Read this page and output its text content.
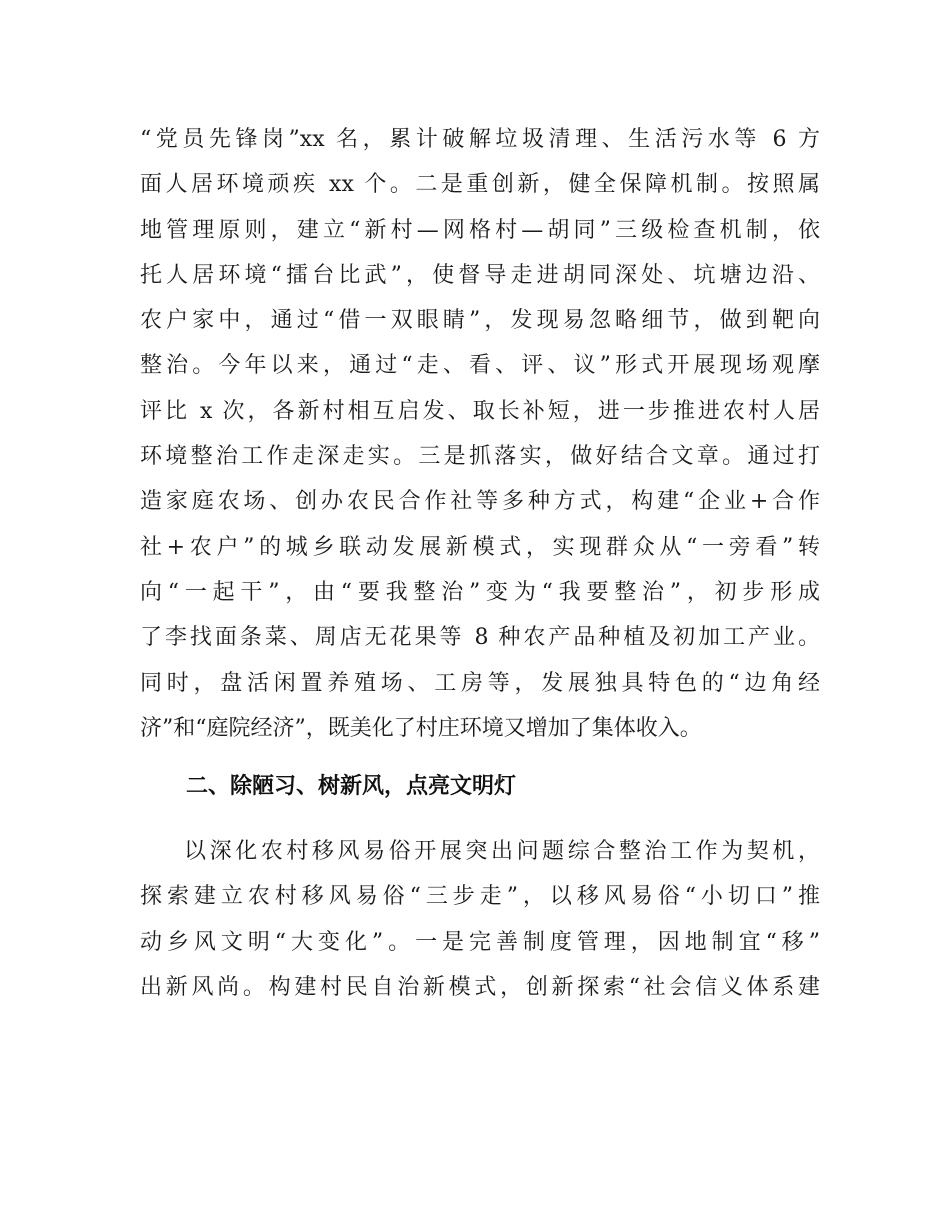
“党员先锋岗”xx 名，累计破解垃圾清理、生活污水等 6 方
面人居环境顽疾 xx 个。二是重创新，健全保障机制。按照属
地管理原则，建立“新村—网格村—胡同”三级检查机制，依
托人居环境“擂台比武”，使督导走进胡同深处、坑塘边沿、
农户家中，通过“借一双眼睛”，发现易忽略细节，做到靶向
整治。今年以来，通过“走、看、评、议”形式开展现场观摩
评比 x 次，各新村相互启发、取长补短，进一步推进农村人居
环境整治工作走深走实。三是抓落实，做好结合文章。通过打
造家庭农场、创办农民合作社等多种方式，构建“企业+合作
社+农户”的城乡联动发展新模式，实现群众从“一旁看”转
向“一起干”，由“要我整治”变为“我要整治”，初步形成
了李找面条菜、周店无花果等 8 种农产品种植及初加工产业。
同时，盘活闲置养殖场、工房等，发展独具特色的“边角经
济”和“庭院经济”，既美化了村庄环境又增加了集体收入。
二、除陋习、树新风，点亮文明灯
以深化农村移风易俗开展突出问题综合整治工作为契机，
探索建立农村移风易俗“三步走”，以移风易俗“小切口”推
动乡风文明“大变化”。一是完善制度管理，因地制宜“移”
出新风尚。构建村民自治新模式，创新探索“社会信义体系建
